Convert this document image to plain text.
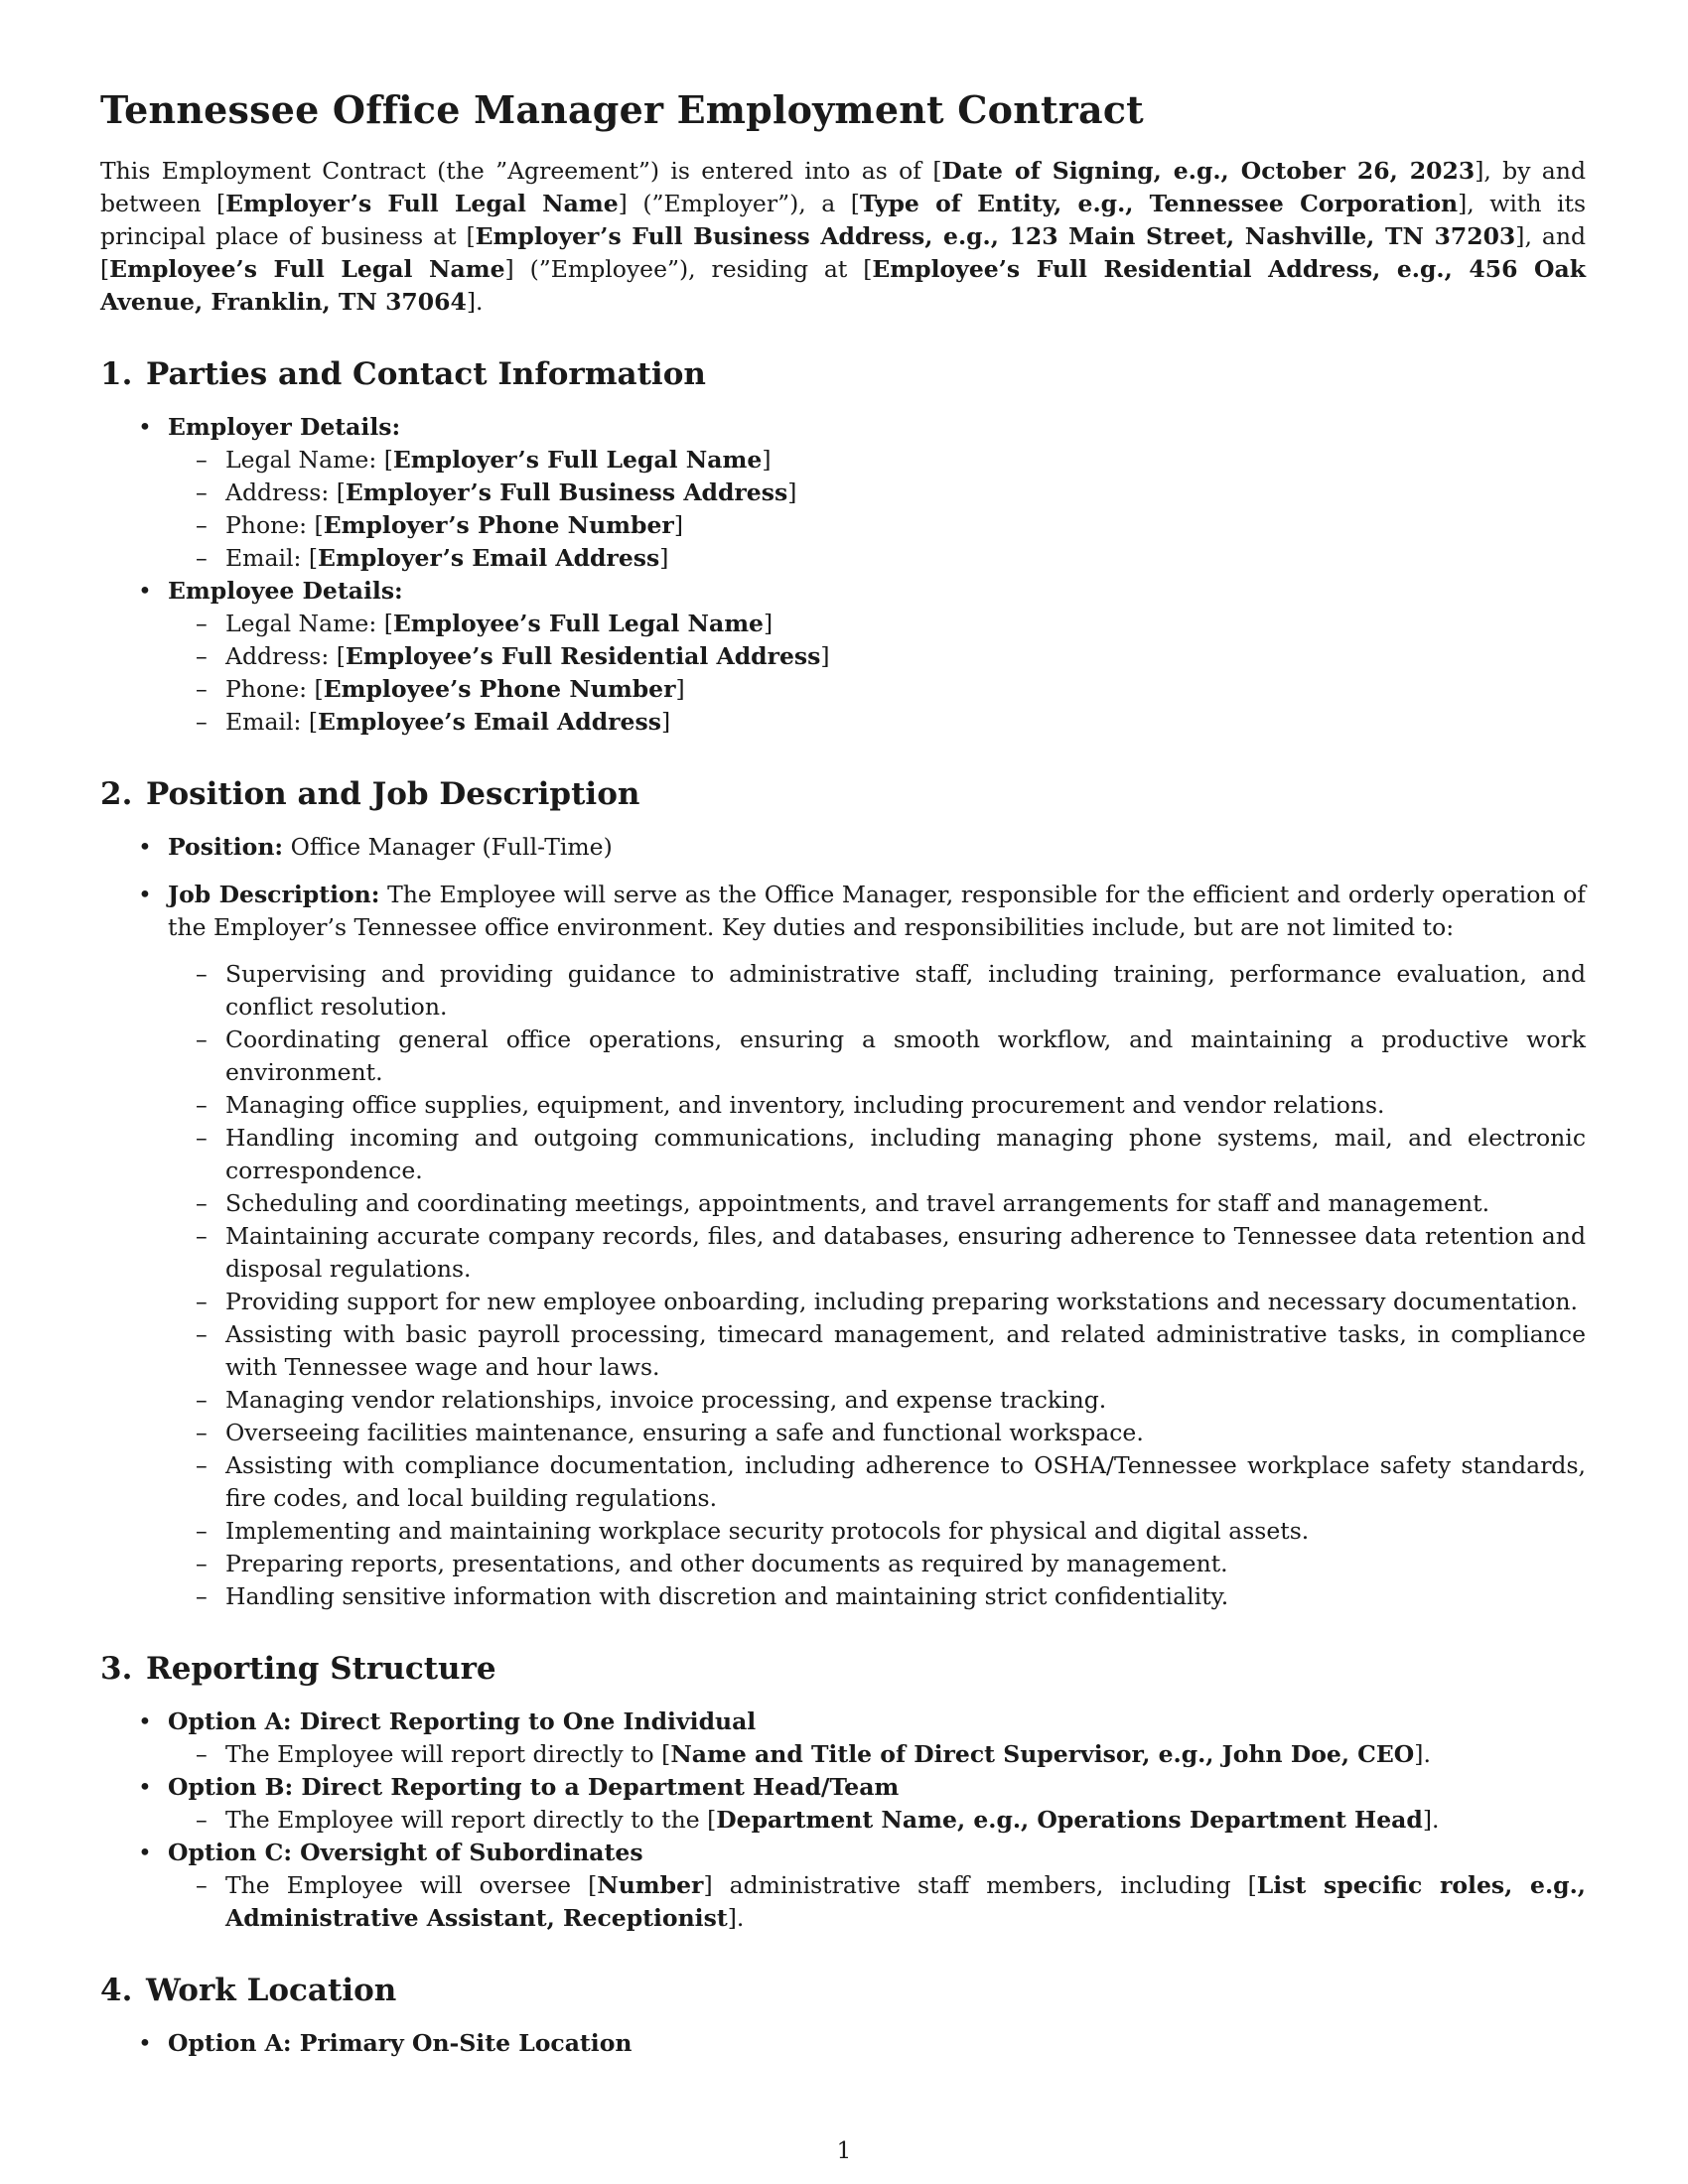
Tennessee Office Manager Employment Contract

This Employment Contract (the ”Agreement”) is entered into as of [Date of Signing, e.g., October 26, 2023], by and between [Employer’s Full Legal Name] (”Employer”), a [Type of Entity, e.g., Tennessee Corporation], with its principal place of business at [Employer’s Full Business Address, e.g., 123 Main Street, Nashville, TN 37203], and [Employee’s Full Legal Name] (”Employee”), residing at [Employee’s Full Residential Address, e.g., 456 Oak Avenue, Franklin, TN 37064].

1. Parties and Contact Information
• Employer Details:
– Legal Name: [Employer’s Full Legal Name]
– Address: [Employer’s Full Business Address]
– Phone: [Employer’s Phone Number]
– Email: [Employer’s Email Address]
• Employee Details:
– Legal Name: [Employee’s Full Legal Name]
– Address: [Employee’s Full Residential Address]
– Phone: [Employee’s Phone Number]
– Email: [Employee’s Email Address]
2. Position and Job Description
• Position: Office Manager (Full-Time)
• Job Description: The Employee will serve as the Office Manager, responsible for the efficient and orderly operation of the Employer’s Tennessee office environment. Key duties and responsibilities include, but are not limited to:
– Supervising and providing guidance to administrative staff, including training, performance evaluation, and conflict resolution.
– Coordinating general office operations, ensuring a smooth workflow, and maintaining a productive work environment.
– Managing office supplies, equipment, and inventory, including procurement and vendor relations.
– Handling incoming and outgoing communications, including managing phone systems, mail, and electronic correspondence.
– Scheduling and coordinating meetings, appointments, and travel arrangements for staff and management.
– Maintaining accurate company records, files, and databases, ensuring adherence to Tennessee data retention and disposal regulations.
– Providing support for new employee onboarding, including preparing workstations and necessary documentation.
– Assisting with basic payroll processing, timecard management, and related administrative tasks, in compliance with Tennessee wage and hour laws.
– Managing vendor relationships, invoice processing, and expense tracking.
– Overseeing facilities maintenance, ensuring a safe and functional workspace.
– Assisting with compliance documentation, including adherence to OSHA/Tennessee workplace safety standards, fire codes, and local building regulations.
– Implementing and maintaining workplace security protocols for physical and digital assets.
– Preparing reports, presentations, and other documents as required by management.
– Handling sensitive information with discretion and maintaining strict confidentiality.
3. Reporting Structure
• Option A: Direct Reporting to One Individual
– The Employee will report directly to [Name and Title of Direct Supervisor, e.g., John Doe, CEO].
• Option B: Direct Reporting to a Department Head/Team
– The Employee will report directly to the [Department Name, e.g., Operations Department Head].
• Option C: Oversight of Subordinates
– The Employee will oversee [Number] administrative staff members, including [List specific roles, e.g., Administrative Assistant, Receptionist].
4. Work Location
• Option A: Primary On-Site Location
1
